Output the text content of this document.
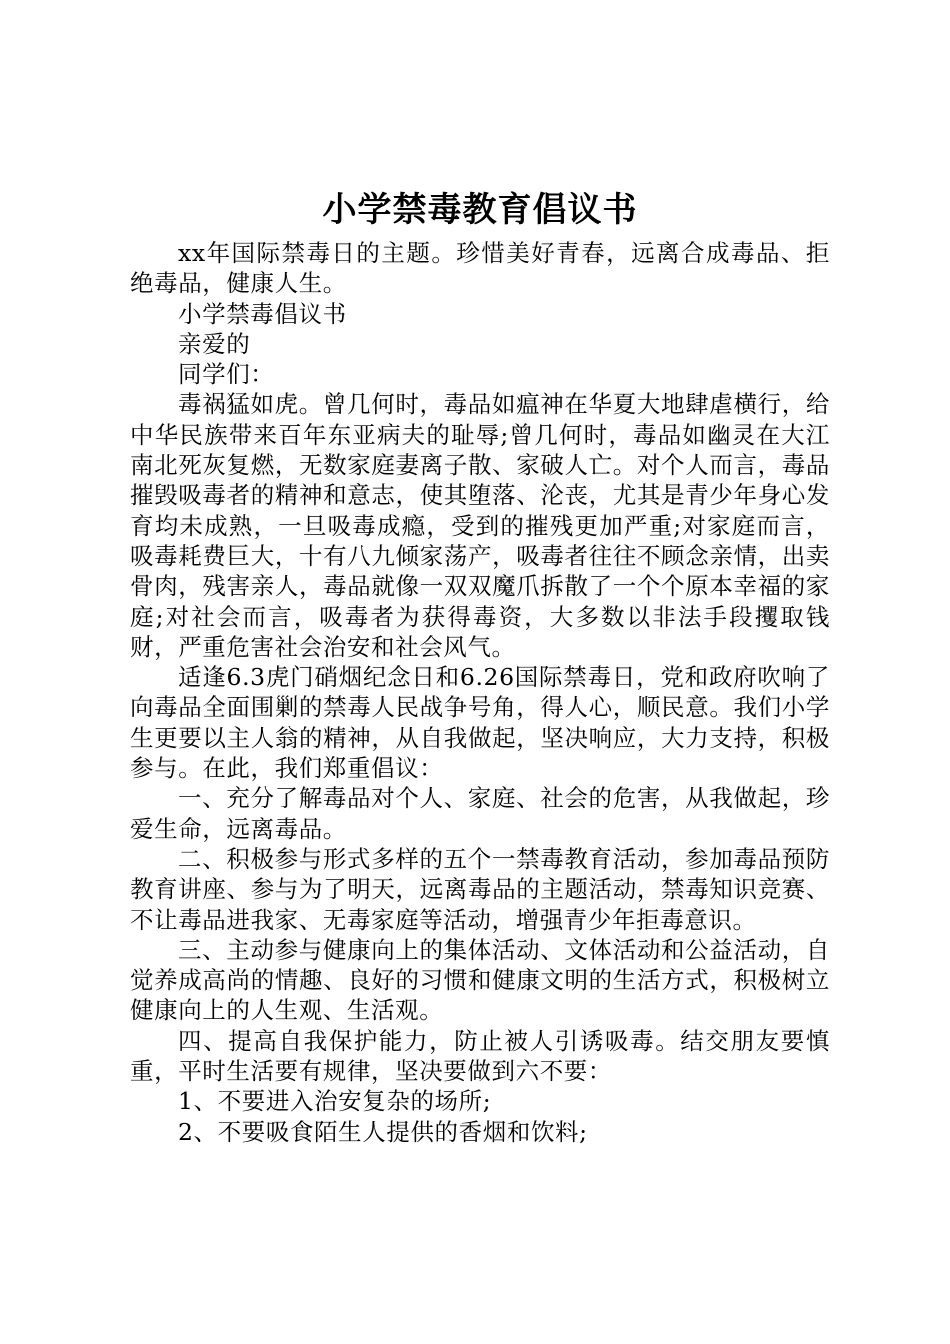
小学禁毒教育倡议书

xx年国际禁毒日的主题。珍惜美好青春，远离合成毒品、拒绝毒品，健康人生。

小学禁毒倡议书

亲爱的

同学们：

毒祸猛如虎。曾几何时，毒品如瘟神在华夏大地肆虐横行，给中华民族带来百年东亚病夫的耻辱;曾几何时，毒品如幽灵在大江南北死灰复燃，无数家庭妻离子散、家破人亡。对个人而言，毒品摧毁吸毒者的精神和意志，使其堕落、沦丧，尤其是青少年身心发育均未成熟，一旦吸毒成瘾，受到的摧残更加严重;对家庭而言，吸毒耗费巨大，十有八九倾家荡产，吸毒者往往不顾念亲情，出卖骨肉，残害亲人，毒品就像一双双魔爪拆散了一个个原本幸福的家庭;对社会而言，吸毒者为获得毒资，大多数以非法手段攫取钱财，严重危害社会治安和社会风气。

适逢6.3虎门硝烟纪念日和6.26国际禁毒日，党和政府吹响了向毒品全面围剿的禁毒人民战争号角，得人心，顺民意。我们小学生更要以主人翁的精神，从自我做起，坚决响应，大力支持，积极参与。在此，我们郑重倡议：

一、充分了解毒品对个人、家庭、社会的危害，从我做起，珍爱生命，远离毒品。

二、积极参与形式多样的五个一禁毒教育活动，参加毒品预防教育讲座、参与为了明天，远离毒品的主题活动，禁毒知识竞赛、不让毒品进我家、无毒家庭等活动，增强青少年拒毒意识。

三、主动参与健康向上的集体活动、文体活动和公益活动，自觉养成高尚的情趣、良好的习惯和健康文明的生活方式，积极树立健康向上的人生观、生活观。

四、提高自我保护能力，防止被人引诱吸毒。结交朋友要慎重，平时生活要有规律，坚决要做到六不要：

1、不要进入治安复杂的场所;

2、不要吸食陌生人提供的香烟和饮料;
